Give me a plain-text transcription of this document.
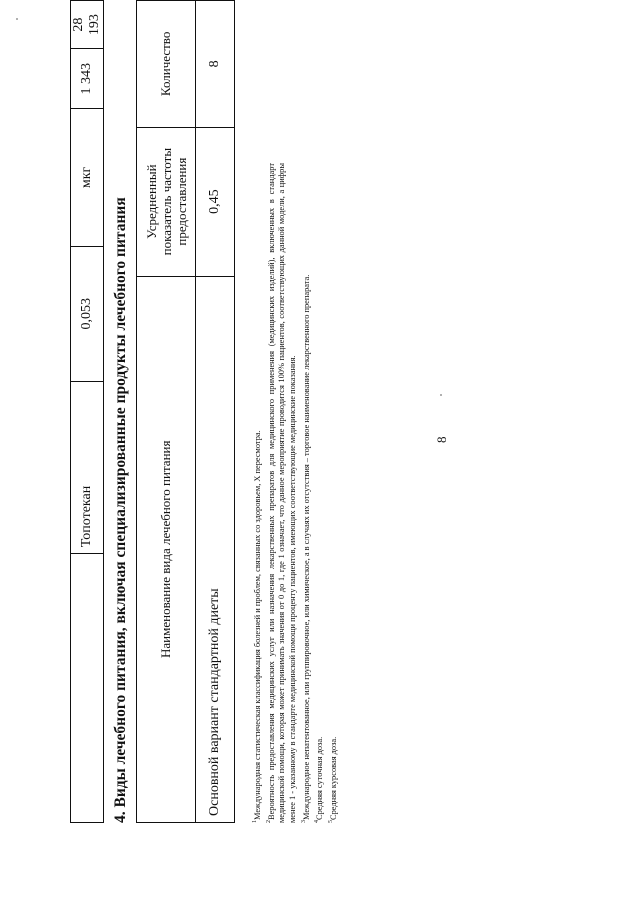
8
	Топотекан	0,053	мкг	1 343	28 193
4. Виды лечебного питания, включая специализированные продукты лечебного питания Наименование вида лечебного питания	Усредненный показатель частоты предоставления	Количество
Основной вариант стандартной диеты	0,45	8

$^1$Международная статистическая классификация болезней и проблем, связанных со здоровьем, X пересмотра.

$^2$Вероятность предоставления медицинских услуг или назначения лекарственных препаратов для медицинского применения (медицинских изделий), включенных в стандарт медицинской помощи, которая может принимать значения от 0 до 1, где 1 означает, что данное мероприятие проводится 100% пациентов, соответствующих данной модели, а цифры менее 1 - указанному в стандарте медицинской помощи проценту пациентов, имеющих соответствующие медицинские показания. $^3$Международное непатентованное, или группировочное, или химическое, а в случаях их отсутствия – торговое наименование лекарственного препарата.

$^4$Средняя суточная доза.

$^5$Средняя курсовая доза.
